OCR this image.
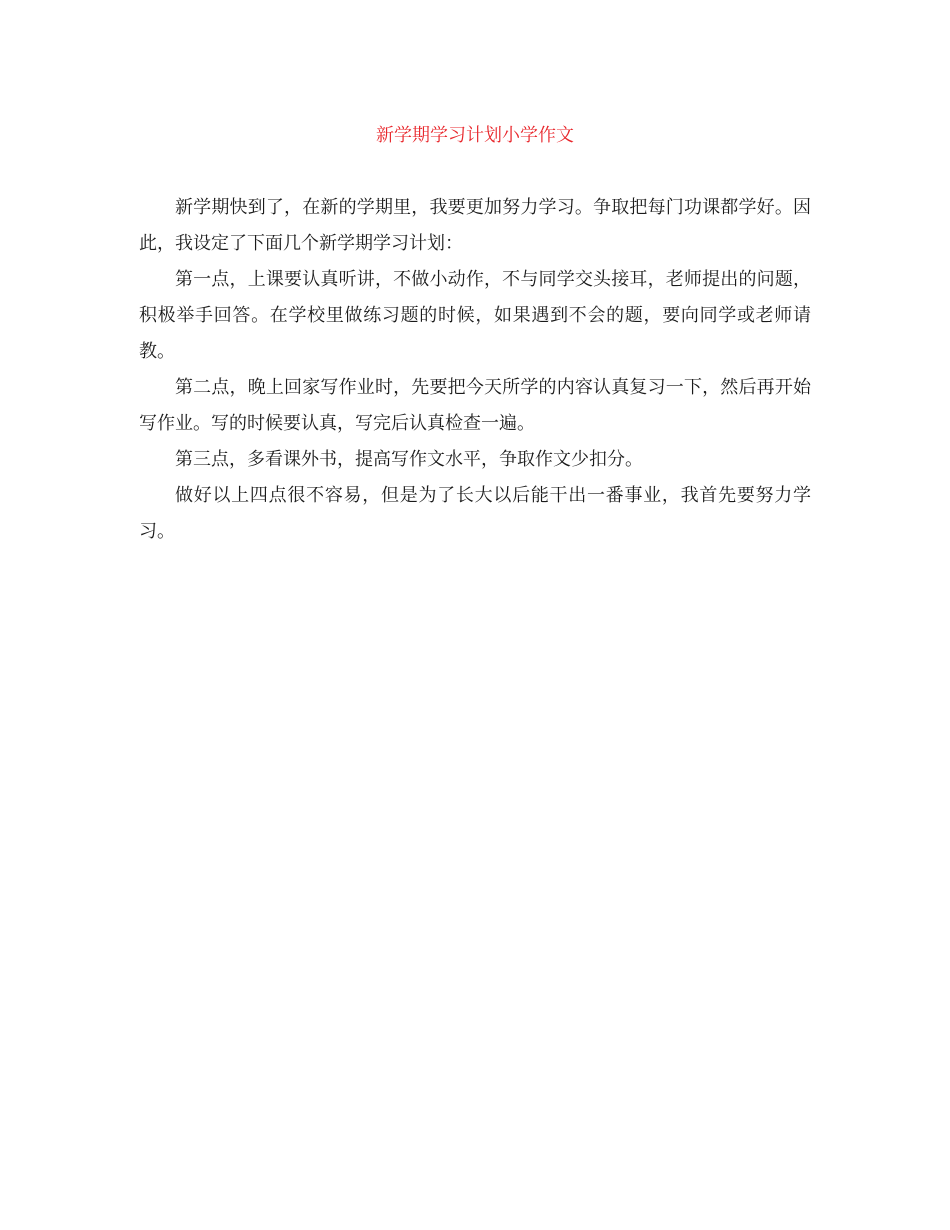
新学期学习计划小学作文

新学期快到了，在新的学期里，我要更加努力学习。争取把每门功课都学好。因此，我设定了下面几个新学期学习计划：

第一点，上课要认真听讲，不做小动作，不与同学交头接耳，老师提出的问题，积极举手回答。在学校里做练习题的时候，如果遇到不会的题，要向同学或老师请教。

第二点，晚上回家写作业时，先要把今天所学的内容认真复习一下，然后再开始写作业。写的时候要认真，写完后认真检查一遍。

第三点，多看课外书，提高写作文水平，争取作文少扣分。

做好以上四点很不容易，但是为了长大以后能干出一番事业，我首先要努力学习。
